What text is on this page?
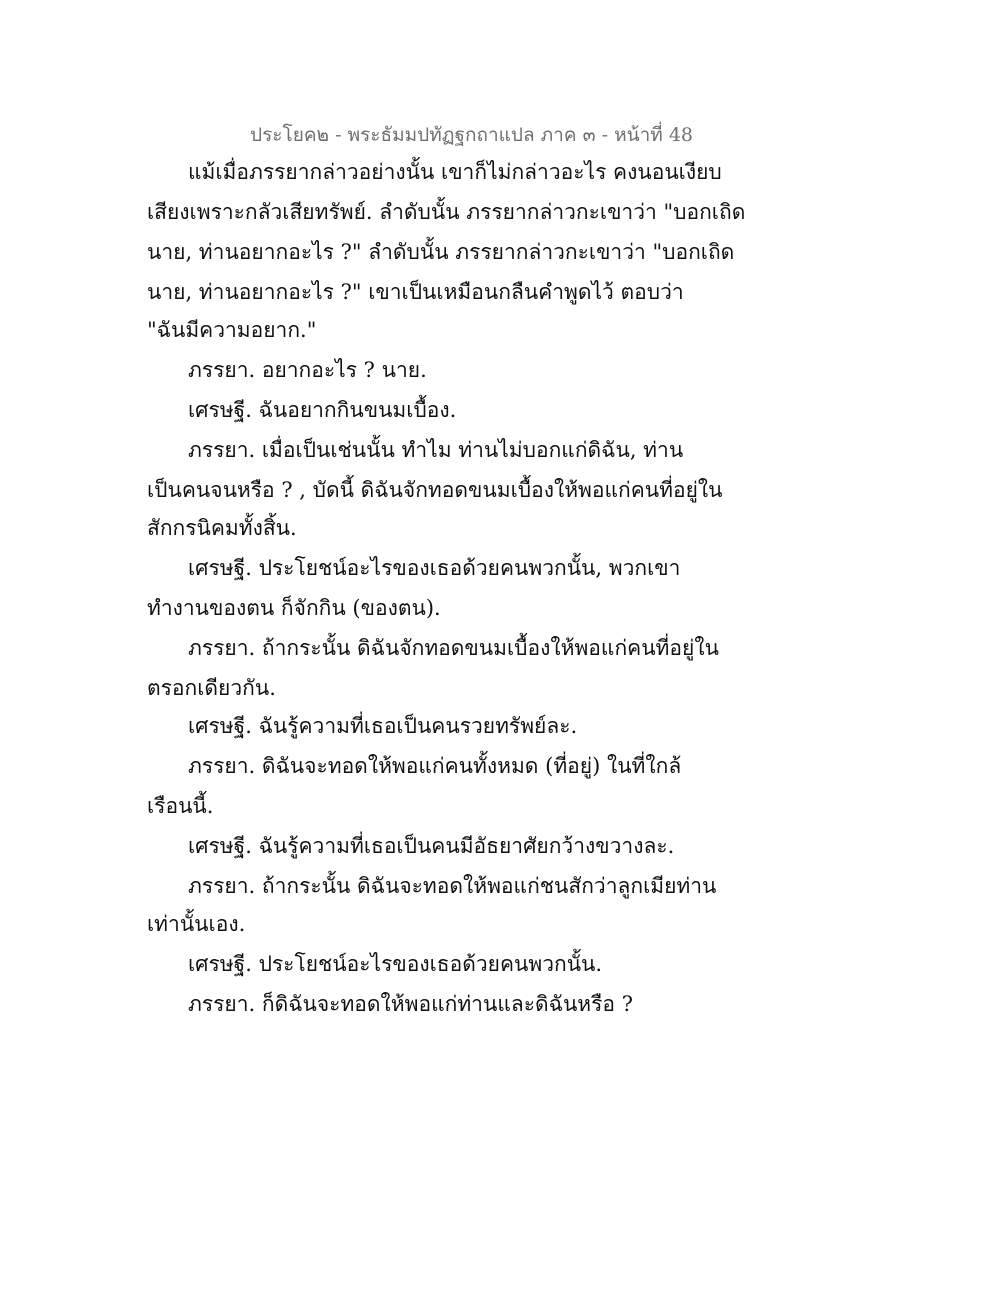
ประโยค๒ - พระธัมมปทัฏฐกถาแปล ภาค ๓ - หน้าที่ 48
แม้เมื่อภรรยากล่าวอย่างนั้น เขาก็ไม่กล่าวอะไร คงนอนเงียบ
เสียงเพราะกลัวเสียทรัพย์. ลำดับนั้น ภรรยากล่าวกะเขาว่า "บอกเถิด
นาย, ท่านอยากอะไร ?" ลำดับนั้น ภรรยากล่าวกะเขาว่า "บอกเถิด
นาย, ท่านอยากอะไร ?" เขาเป็นเหมือนกลืนคำพูดไว้ ตอบว่า
"ฉันมีความอยาก."
ภรรยา. อยากอะไร ? นาย.
เศรษฐี. ฉันอยากกินขนมเบื้อง.
ภรรยา. เมื่อเป็นเช่นนั้น ทำไม ท่านไม่บอกแก่ดิฉัน, ท่าน
เป็นคนจนหรือ ? , บัดนี้ ดิฉันจักทอดขนมเบื้องให้พอแก่คนที่อยู่ใน
สักกรนิคมทั้งสิ้น.
เศรษฐี. ประโยชน์อะไรของเธอด้วยคนพวกนั้น, พวกเขา
ทำงานของตน ก็จักกิน (ของตน).
ภรรยา. ถ้ากระนั้น ดิฉันจักทอดขนมเบื้องให้พอแก่คนที่อยู่ใน
ตรอกเดียวกัน.
เศรษฐี. ฉันรู้ความที่เธอเป็นคนรวยทรัพย์ละ.
ภรรยา. ดิฉันจะทอดให้พอแก่คนทั้งหมด (ที่อยู่) ในที่ใกล้
เรือนนี้.
เศรษฐี. ฉันรู้ความที่เธอเป็นคนมีอัธยาศัยกว้างขวางละ.
ภรรยา. ถ้ากระนั้น ดิฉันจะทอดให้พอแก่ชนสักว่าลูกเมียท่าน
เท่านั้นเอง.
เศรษฐี. ประโยชน์อะไรของเธอด้วยคนพวกนั้น.
ภรรยา. ก็ดิฉันจะทอดให้พอแก่ท่านและดิฉันหรือ ?
